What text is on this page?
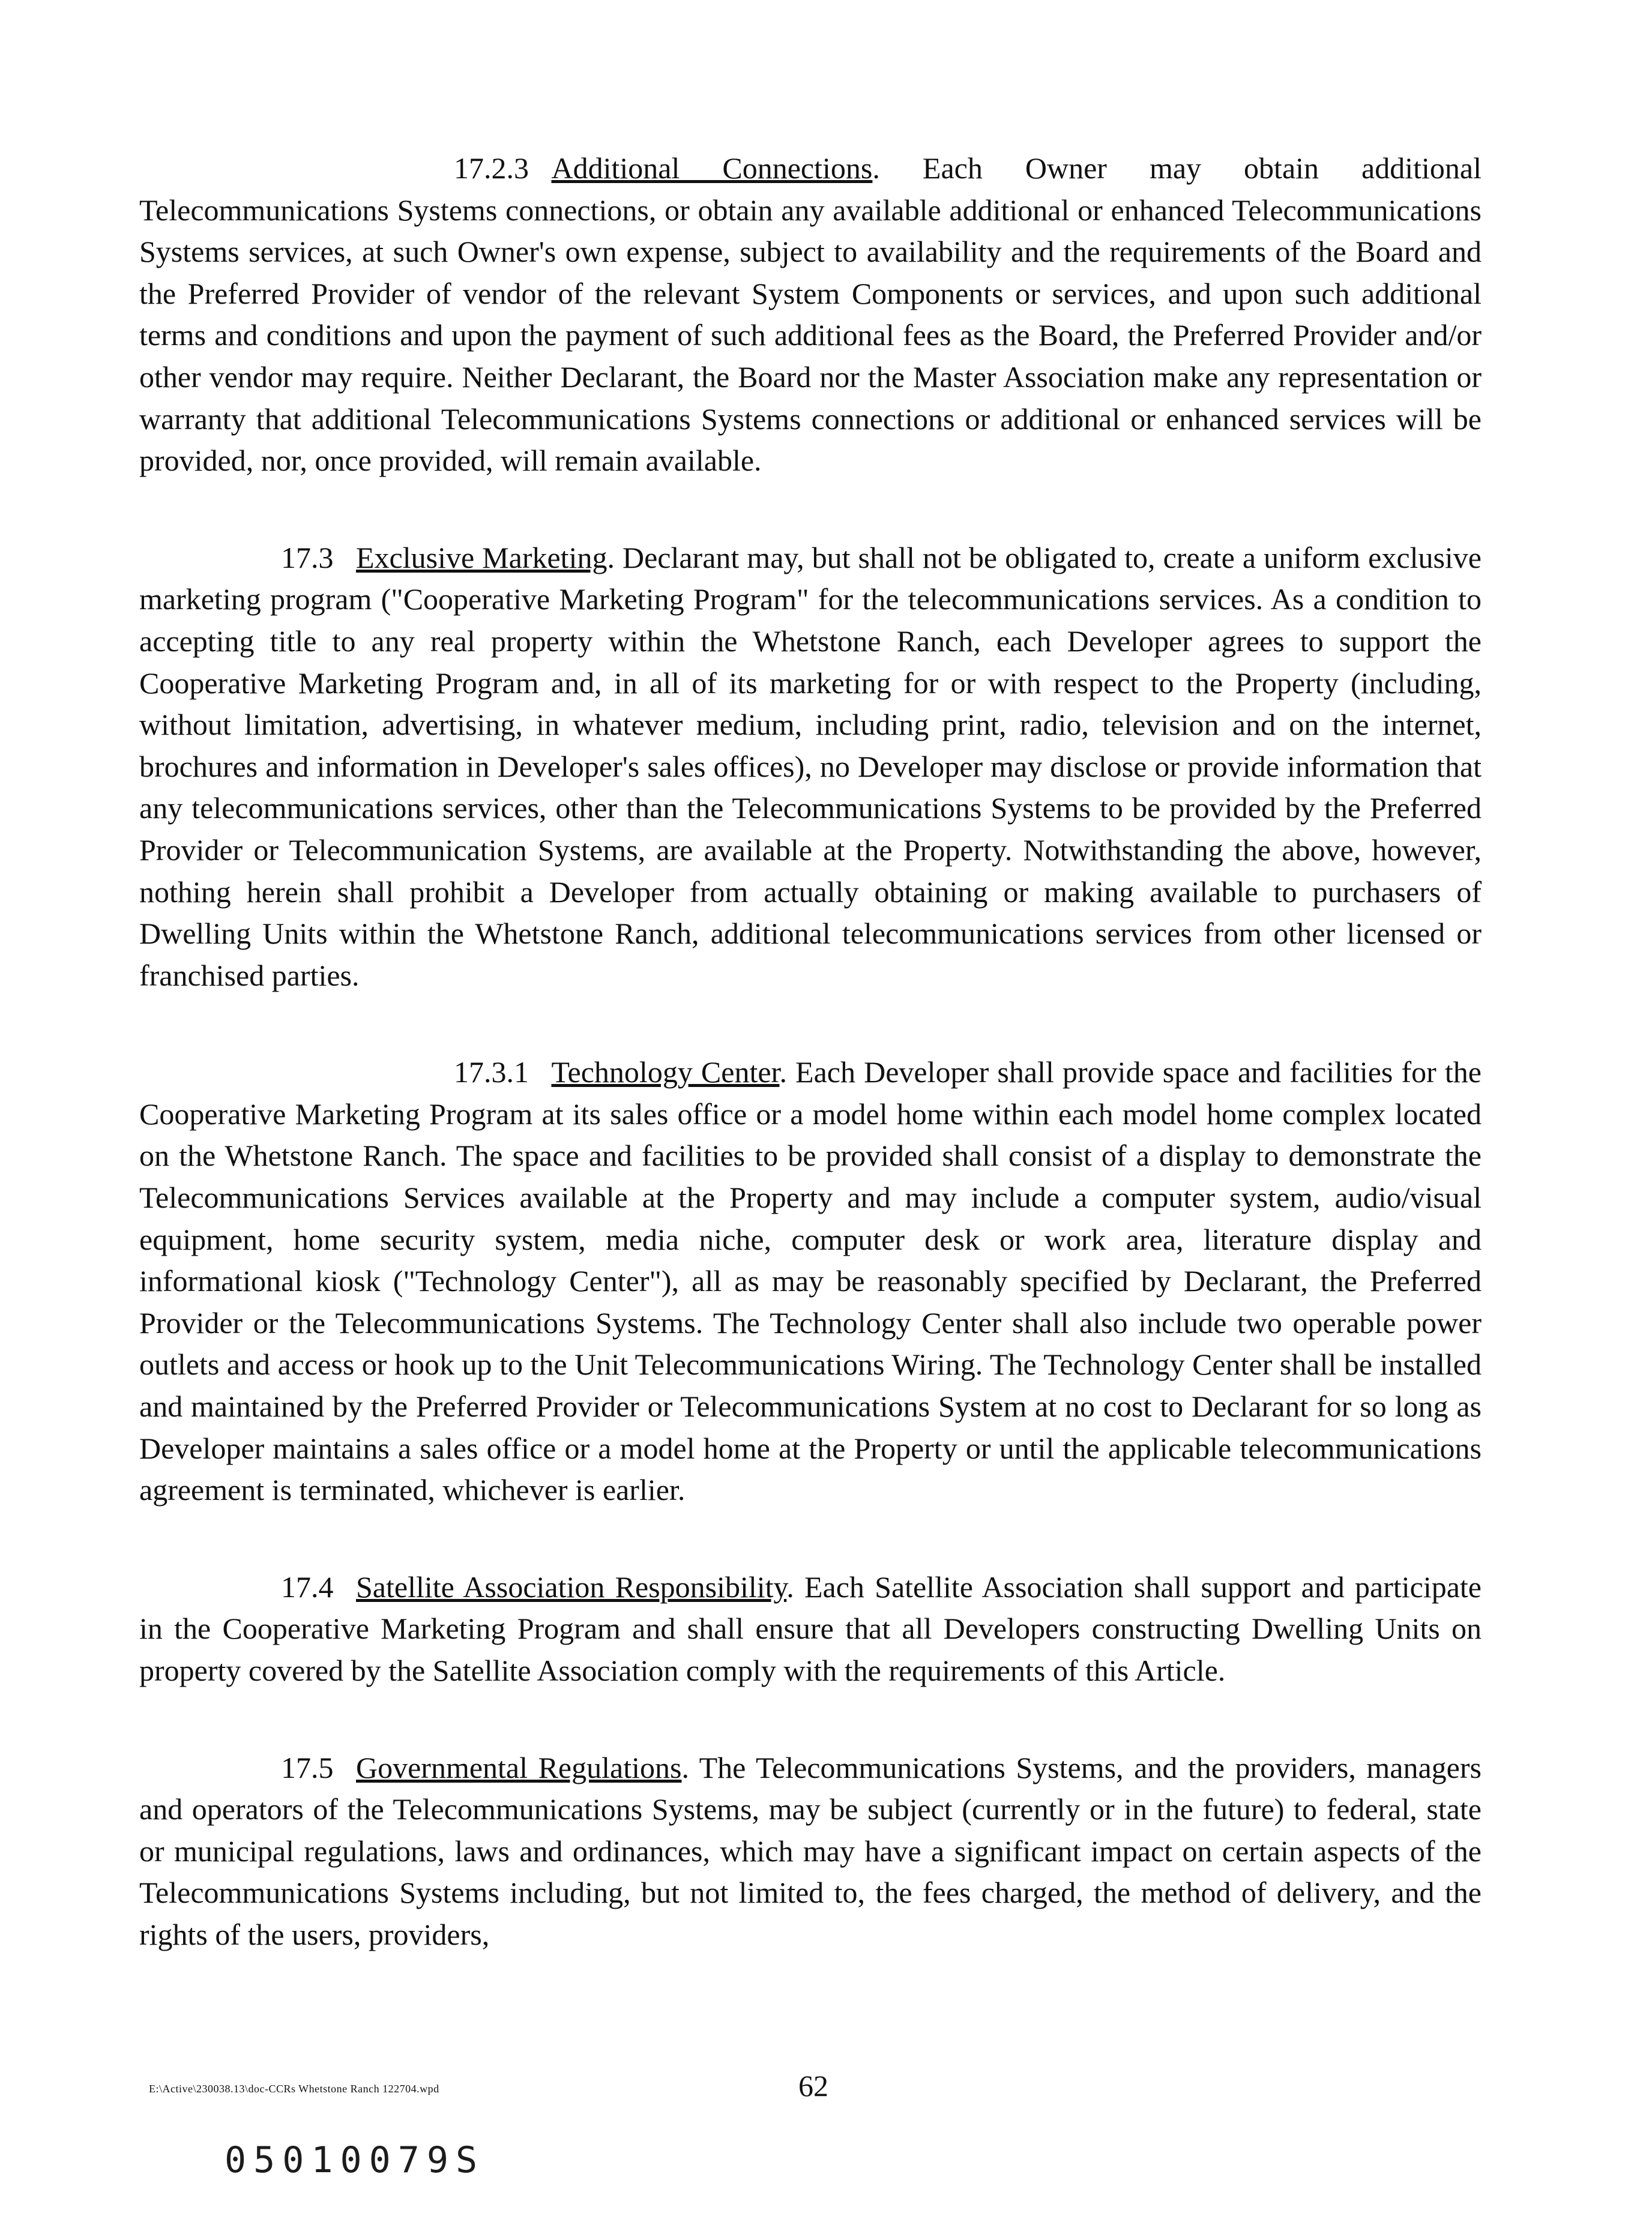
17.2.3 Additional Connections. Each Owner may obtain additional Telecommunications Systems connections, or obtain any available additional or enhanced Telecommunications Systems services, at such Owner's own expense, subject to availability and the requirements of the Board and the Preferred Provider of vendor of the relevant System Components or services, and upon such additional terms and conditions and upon the payment of such additional fees as the Board, the Preferred Provider and/or other vendor may require. Neither Declarant, the Board nor the Master Association make any representation or warranty that additional Telecommunications Systems connections or additional or enhanced services will be provided, nor, once provided, will remain available.

17.3 Exclusive Marketing. Declarant may, but shall not be obligated to, create a uniform exclusive marketing program ("Cooperative Marketing Program" for the telecommunications services. As a condition to accepting title to any real property within the Whetstone Ranch, each Developer agrees to support the Cooperative Marketing Program and, in all of its marketing for or with respect to the Property (including, without limitation, advertising, in whatever medium, including print, radio, television and on the internet, brochures and information in Developer's sales offices), no Developer may disclose or provide information that any telecommunications services, other than the Telecommunications Systems to be provided by the Preferred Provider or Telecommunication Systems, are available at the Property. Notwithstanding the above, however, nothing herein shall prohibit a Developer from actually obtaining or making available to purchasers of Dwelling Units within the Whetstone Ranch, additional telecommunications services from other licensed or franchised parties.

17.3.1 Technology Center. Each Developer shall provide space and facilities for the Cooperative Marketing Program at its sales office or a model home within each model home complex located on the Whetstone Ranch. The space and facilities to be provided shall consist of a display to demonstrate the Telecommunications Services available at the Property and may include a computer system, audio/visual equipment, home security system, media niche, computer desk or work area, literature display and informational kiosk ("Technology Center"), all as may be reasonably specified by Declarant, the Preferred Provider or the Telecommunications Systems. The Technology Center shall also include two operable power outlets and access or hook up to the Unit Telecommunications Wiring. The Technology Center shall be installed and maintained by the Preferred Provider or Telecommunications System at no cost to Declarant for so long as Developer maintains a sales office or a model home at the Property or until the applicable telecommunications agreement is terminated, whichever is earlier.

17.4 Satellite Association Responsibility. Each Satellite Association shall support and participate in the Cooperative Marketing Program and shall ensure that all Developers constructing Dwelling Units on property covered by the Satellite Association comply with the requirements of this Article.

17.5 Governmental Regulations. The Telecommunications Systems, and the providers, managers and operators of the Telecommunications Systems, may be subject (currently or in the future) to federal, state or municipal regulations, laws and ordinances, which may have a significant impact on certain aspects of the Telecommunications Systems including, but not limited to, the fees charged, the method of delivery, and the rights of the users, providers,

E:\Active\230038.13\doc-CCRs Whetstone Ranch 122704.wpd	62
05010079S
